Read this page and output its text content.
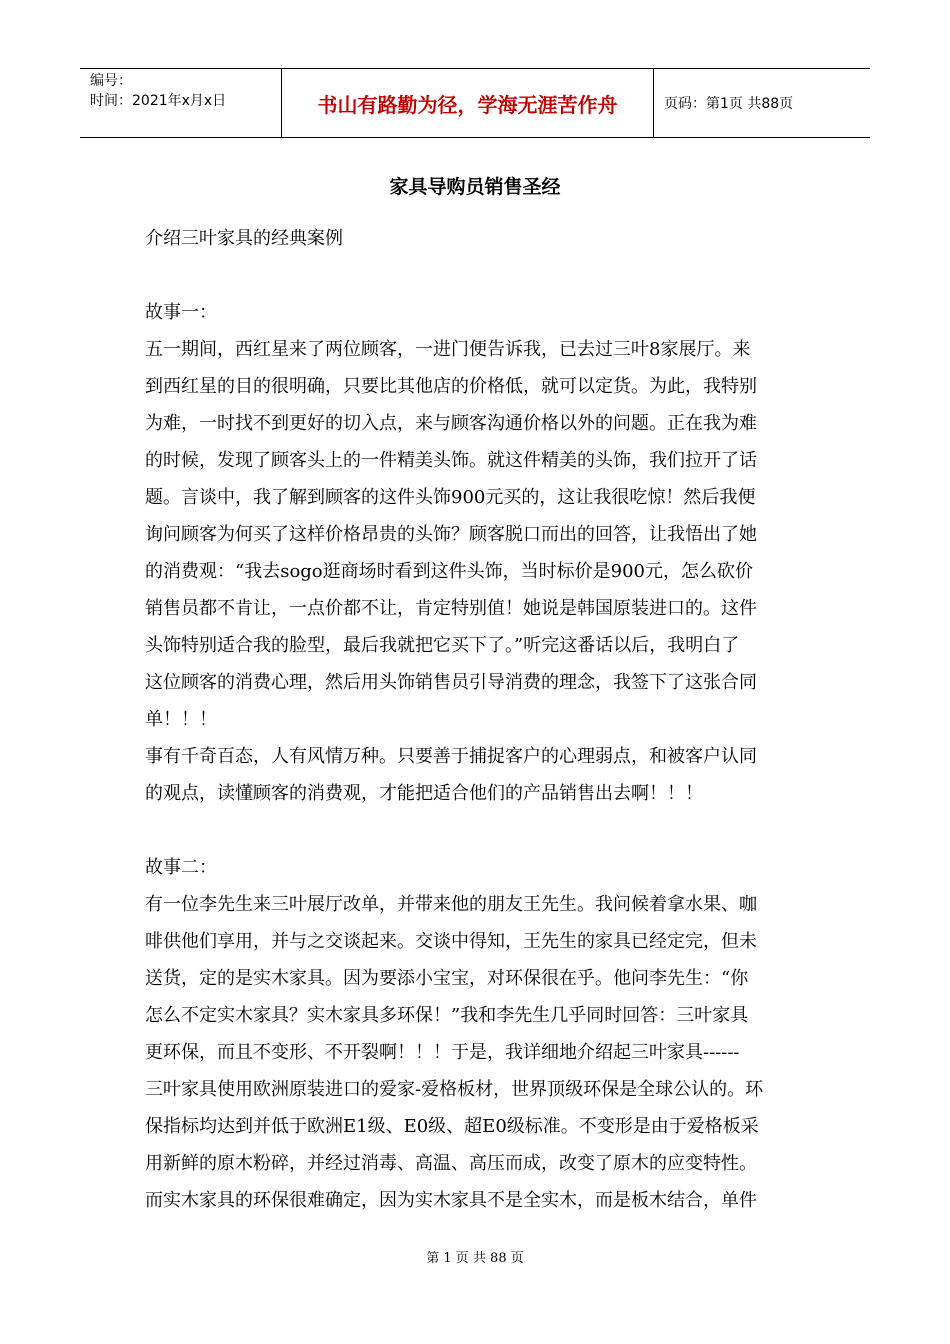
编号：
时间：2021年x月x日	书山有路勤为径，学海无涯苦作舟	页码：第1页 共88页
家具导购员销售圣经

介绍三叶家具的经典案例

故事一：

五一期间，西红星来了两位顾客，一进门便告诉我，已去过三叶8家展厅。来
到西红星的目的很明确，只要比其他店的价格低，就可以定货。为此，我特别
为难，一时找不到更好的切入点，来与顾客沟通价格以外的问题。正在我为难
的时候，发现了顾客头上的一件精美头饰。就这件精美的头饰，我们拉开了话
题。言谈中，我了解到顾客的这件头饰900元买的，这让我很吃惊！然后我便
询问顾客为何买了这样价格昂贵的头饰？顾客脱口而出的回答，让我悟出了她
的消费观：“我去sogo逛商场时看到这件头饰，当时标价是900元，怎么砍价
销售员都不肯让，一点价都不让，肯定特别值！她说是韩国原装进口的。这件
头饰特别适合我的脸型，最后我就把它买下了。”听完这番话以后，我明白了
这位顾客的消费心理，然后用头饰销售员引导消费的理念，我签下了这张合同
单！！！

事有千奇百态，人有风情万种。只要善于捕捉客户的心理弱点，和被客户认同
的观点，读懂顾客的消费观，才能把适合他们的产品销售出去啊！！！

故事二：

有一位李先生来三叶展厅改单，并带来他的朋友王先生。我问候着拿水果、咖
啡供他们享用，并与之交谈起来。交谈中得知，王先生的家具已经定完，但未
送货，定的是实木家具。因为要添小宝宝，对环保很在乎。他问李先生：“你
怎么不定实木家具？实木家具多环保！”我和李先生几乎同时回答：三叶家具
更环保，而且不变形、不开裂啊！！！于是，我详细地介绍起三叶家具------
三叶家具使用欧洲原装进口的爱家-爱格板材，世界顶级环保是全球公认的。环
保指标均达到并低于欧洲E1级、E0级、超E0级标准。不变形是由于爱格板采
用新鲜的原木粉碎，并经过消毒、高温、高压而成，改变了原木的应变特性。
而实木家具的环保很难确定，因为实木家具不是全实木，而是板木结合，单件

第 1 页 共 88 页
